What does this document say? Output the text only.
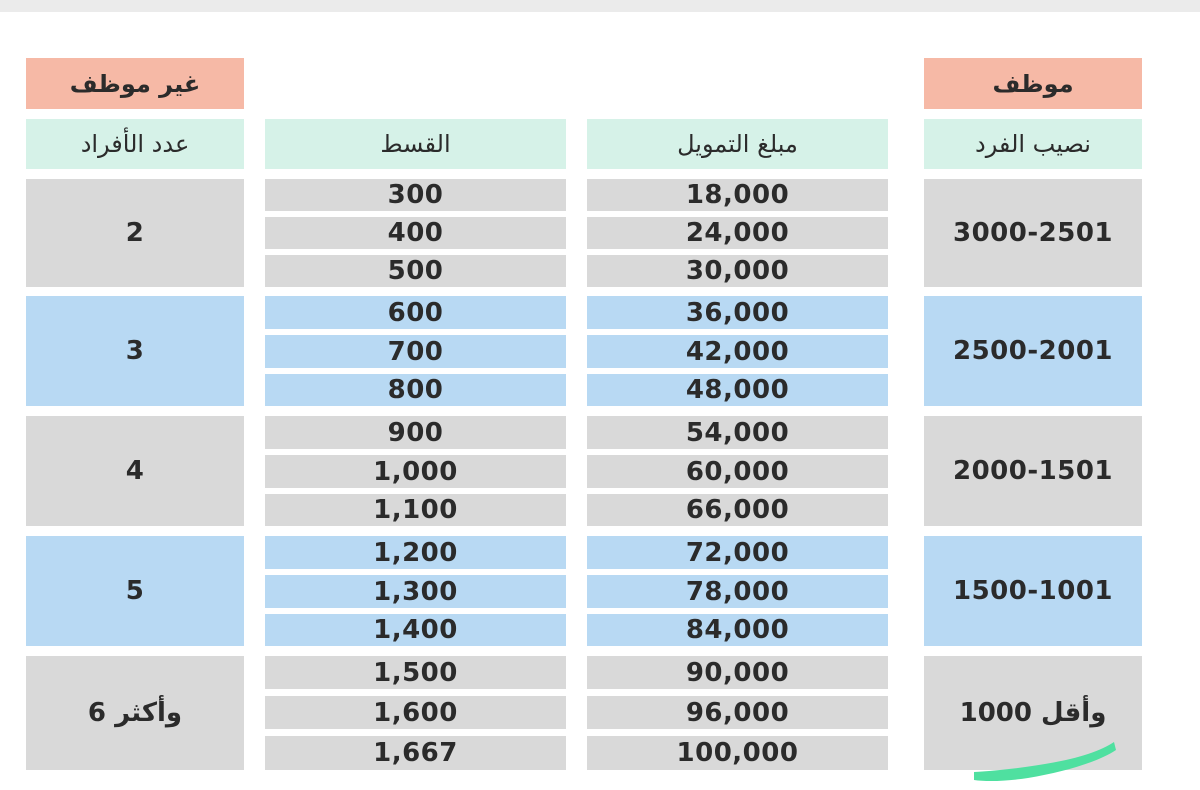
موظف
غير موظف
نصيب الفرد
مبلغ التمويل
القسط
عدد الأفراد
3000-2501
2
18,000
24,000
30,000
300
400
500
2500-2001
3
36,000
42,000
48,000
600
700
800
2000-1501
4
54,000
60,000
66,000
900
1,000
1,100
1500-1001
5
72,000
78,000
84,000
1,200
1,300
1,400
1000 وأقل
6 وأكثر
90,000
96,000
100,000
1,500
1,600
1,667
